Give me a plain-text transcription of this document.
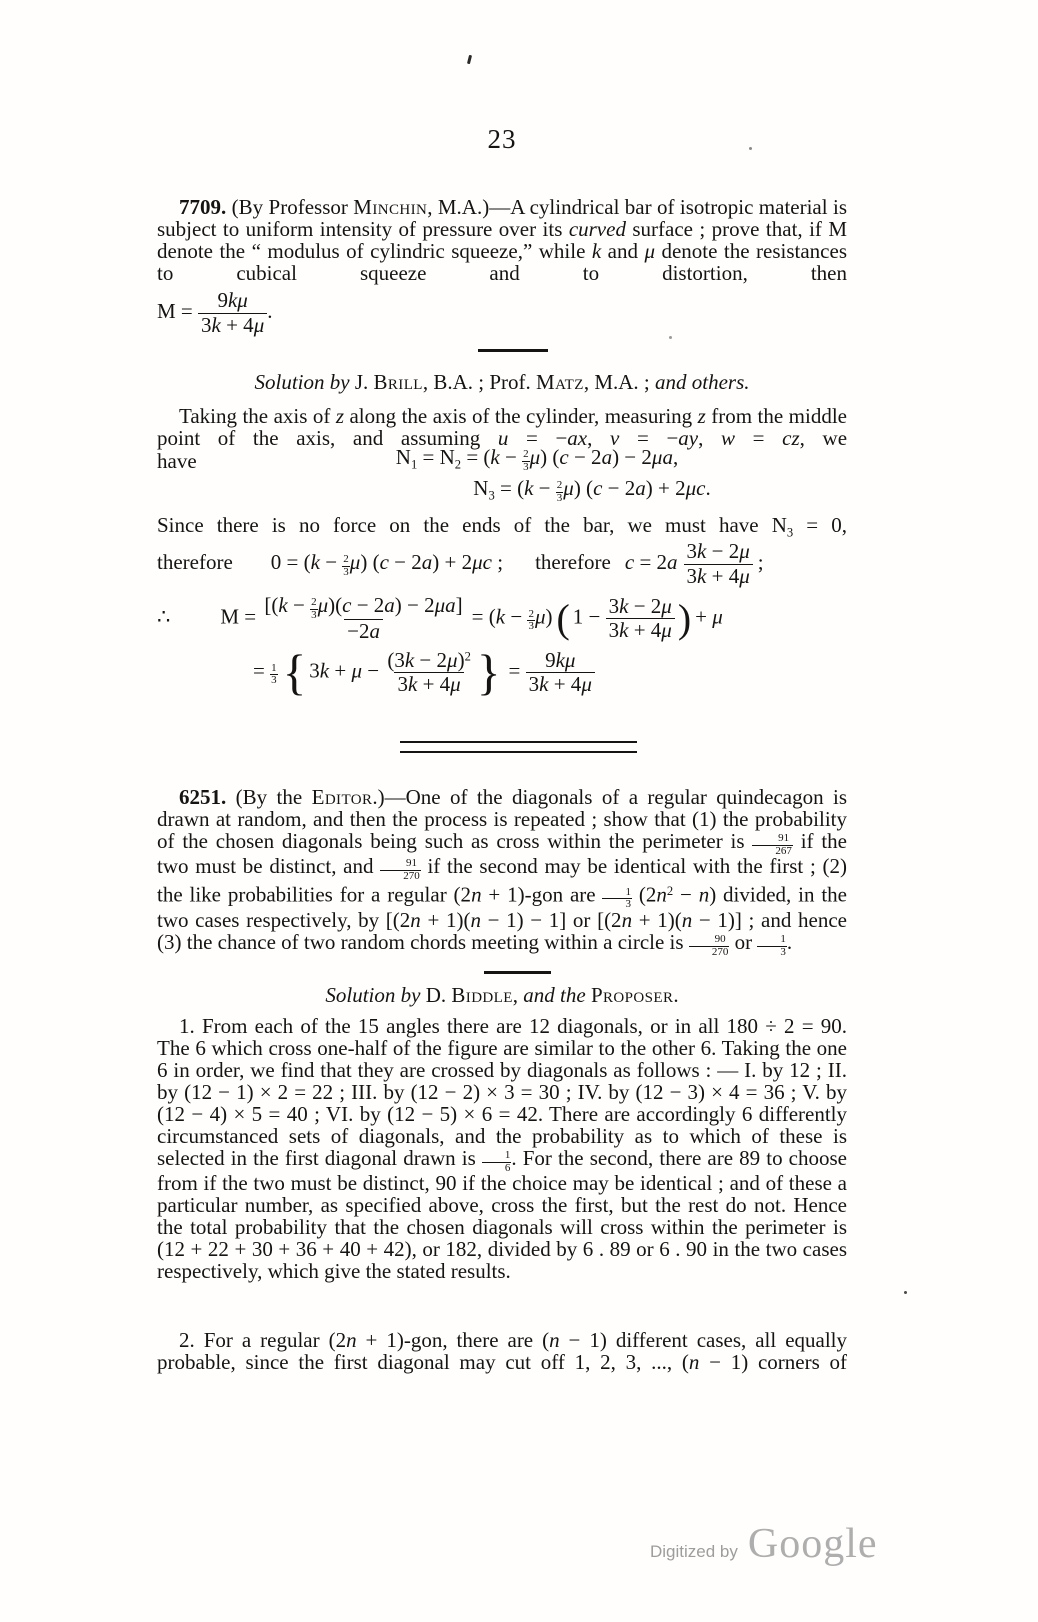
23

7709. (By Professor Minchin, M.A.)—A cylindrical bar of isotropic material is subject to uniform intensity of pressure over its curved surface ; prove that, if M denote the “ modulus of cylindric squeeze,” while k and μ denote the resistances to cubical squeeze and to distortion, then

$M = \frac{9k\mu}{3k + 4\mu}$ .

Solution by J. Brill, B.A. ; Prof. Matz, M.A. ; and others.

Taking the axis of z along the axis of the cylinder, measuring z from the middle point of the axis, and assuming u = −ax, v = −ay, w = cz, we

have	$N_1 = N_2 = (k - \frac{2}{3} \mu) (c - 2a) - 2\mu a$,
$N_3 = (k - \frac{2}{3} \mu) (c - 2a) + 2\mu c$.

Since there is no force on the ends of the bar, we must have $N_3 = 0$,

therefore $0 = (k - \frac{2}{3} \mu)$ (c − 2a) + 2μc ; therefore $c = 2a \frac{3k - 2\mu}{3k + 4\mu}$ ;
∴ $M = \frac{[(k - \frac{2}{3} \mu)(c - 2a) - 2\mu a]}{-2a} = (k - \frac{2}{3} \mu)$ ( $1 - \frac{3k - 2\mu}{3k + 4\mu}$ ) + μ
= $\frac{1}{3}$ { $3k + \mu - \frac{(3k - 2\mu)^2}{3k + 4\mu}$ } = $\frac{9k\mu}{3k + 4\mu}$

6251. (By the Editor.)—One of the diagonals of a regular quindecagon is drawn at random, and then the process is repeated ; show that (1) the probability of the chosen diagonals being such as cross within the perimeter is $\frac{91}{267}$ if the two must be distinct, and $\frac{91}{270}$ if the second may be identical with the first ; (2) the like probabilities for a regular (2n + 1)-gon are $\frac{1}{3} (2n^2 - n)$ divided, in the two cases respectively, by [(2n + 1)(n − 1) − 1] or [(2n + 1)(n − 1)] ; and hence (3) the chance of two random chords meeting within a circle is $\frac{90}{270}$ or $\frac{1}{3}$ .

Solution by D. Biddle, and the Proposer.

1. From each of the 15 angles there are 12 diagonals, or in all 180 ÷ 2 = 90. The 6 which cross one-half of the figure are similar to the other 6. Taking the one 6 in order, we find that they are crossed by diagonals as follows : — I. by 12 ; II. by (12 − 1) × 2 = 22 ; III. by (12 − 2) × 3 = 30 ; IV. by (12 − 3) × 4 = 36 ; V. by (12 − 4) × 5 = 40 ; VI. by (12 − 5) × 6 = 42. There are accordingly 6 differently circumstanced sets of diagonals, and the probability as to which of these is selected in the first diagonal drawn is $\frac{1}{6}$ . For the second, there are 89 to choose from if the two must be distinct, 90 if the choice may be identical ; and of these a particular number, as specified above, cross the first, but the rest do not. Hence the total probability that the chosen diagonals will cross within the perimeter is (12 + 22 + 30 + 36 + 40 + 42), or 182, divided by 6 . 89 or 6 . 90 in the two cases respectively, which give the stated results.

2. For a regular (2n + 1)-gon, there are (n − 1) different cases, all equally probable, since the first diagonal may cut off 1, 2, 3, ..., (n − 1) corners of

Digitized by Google
